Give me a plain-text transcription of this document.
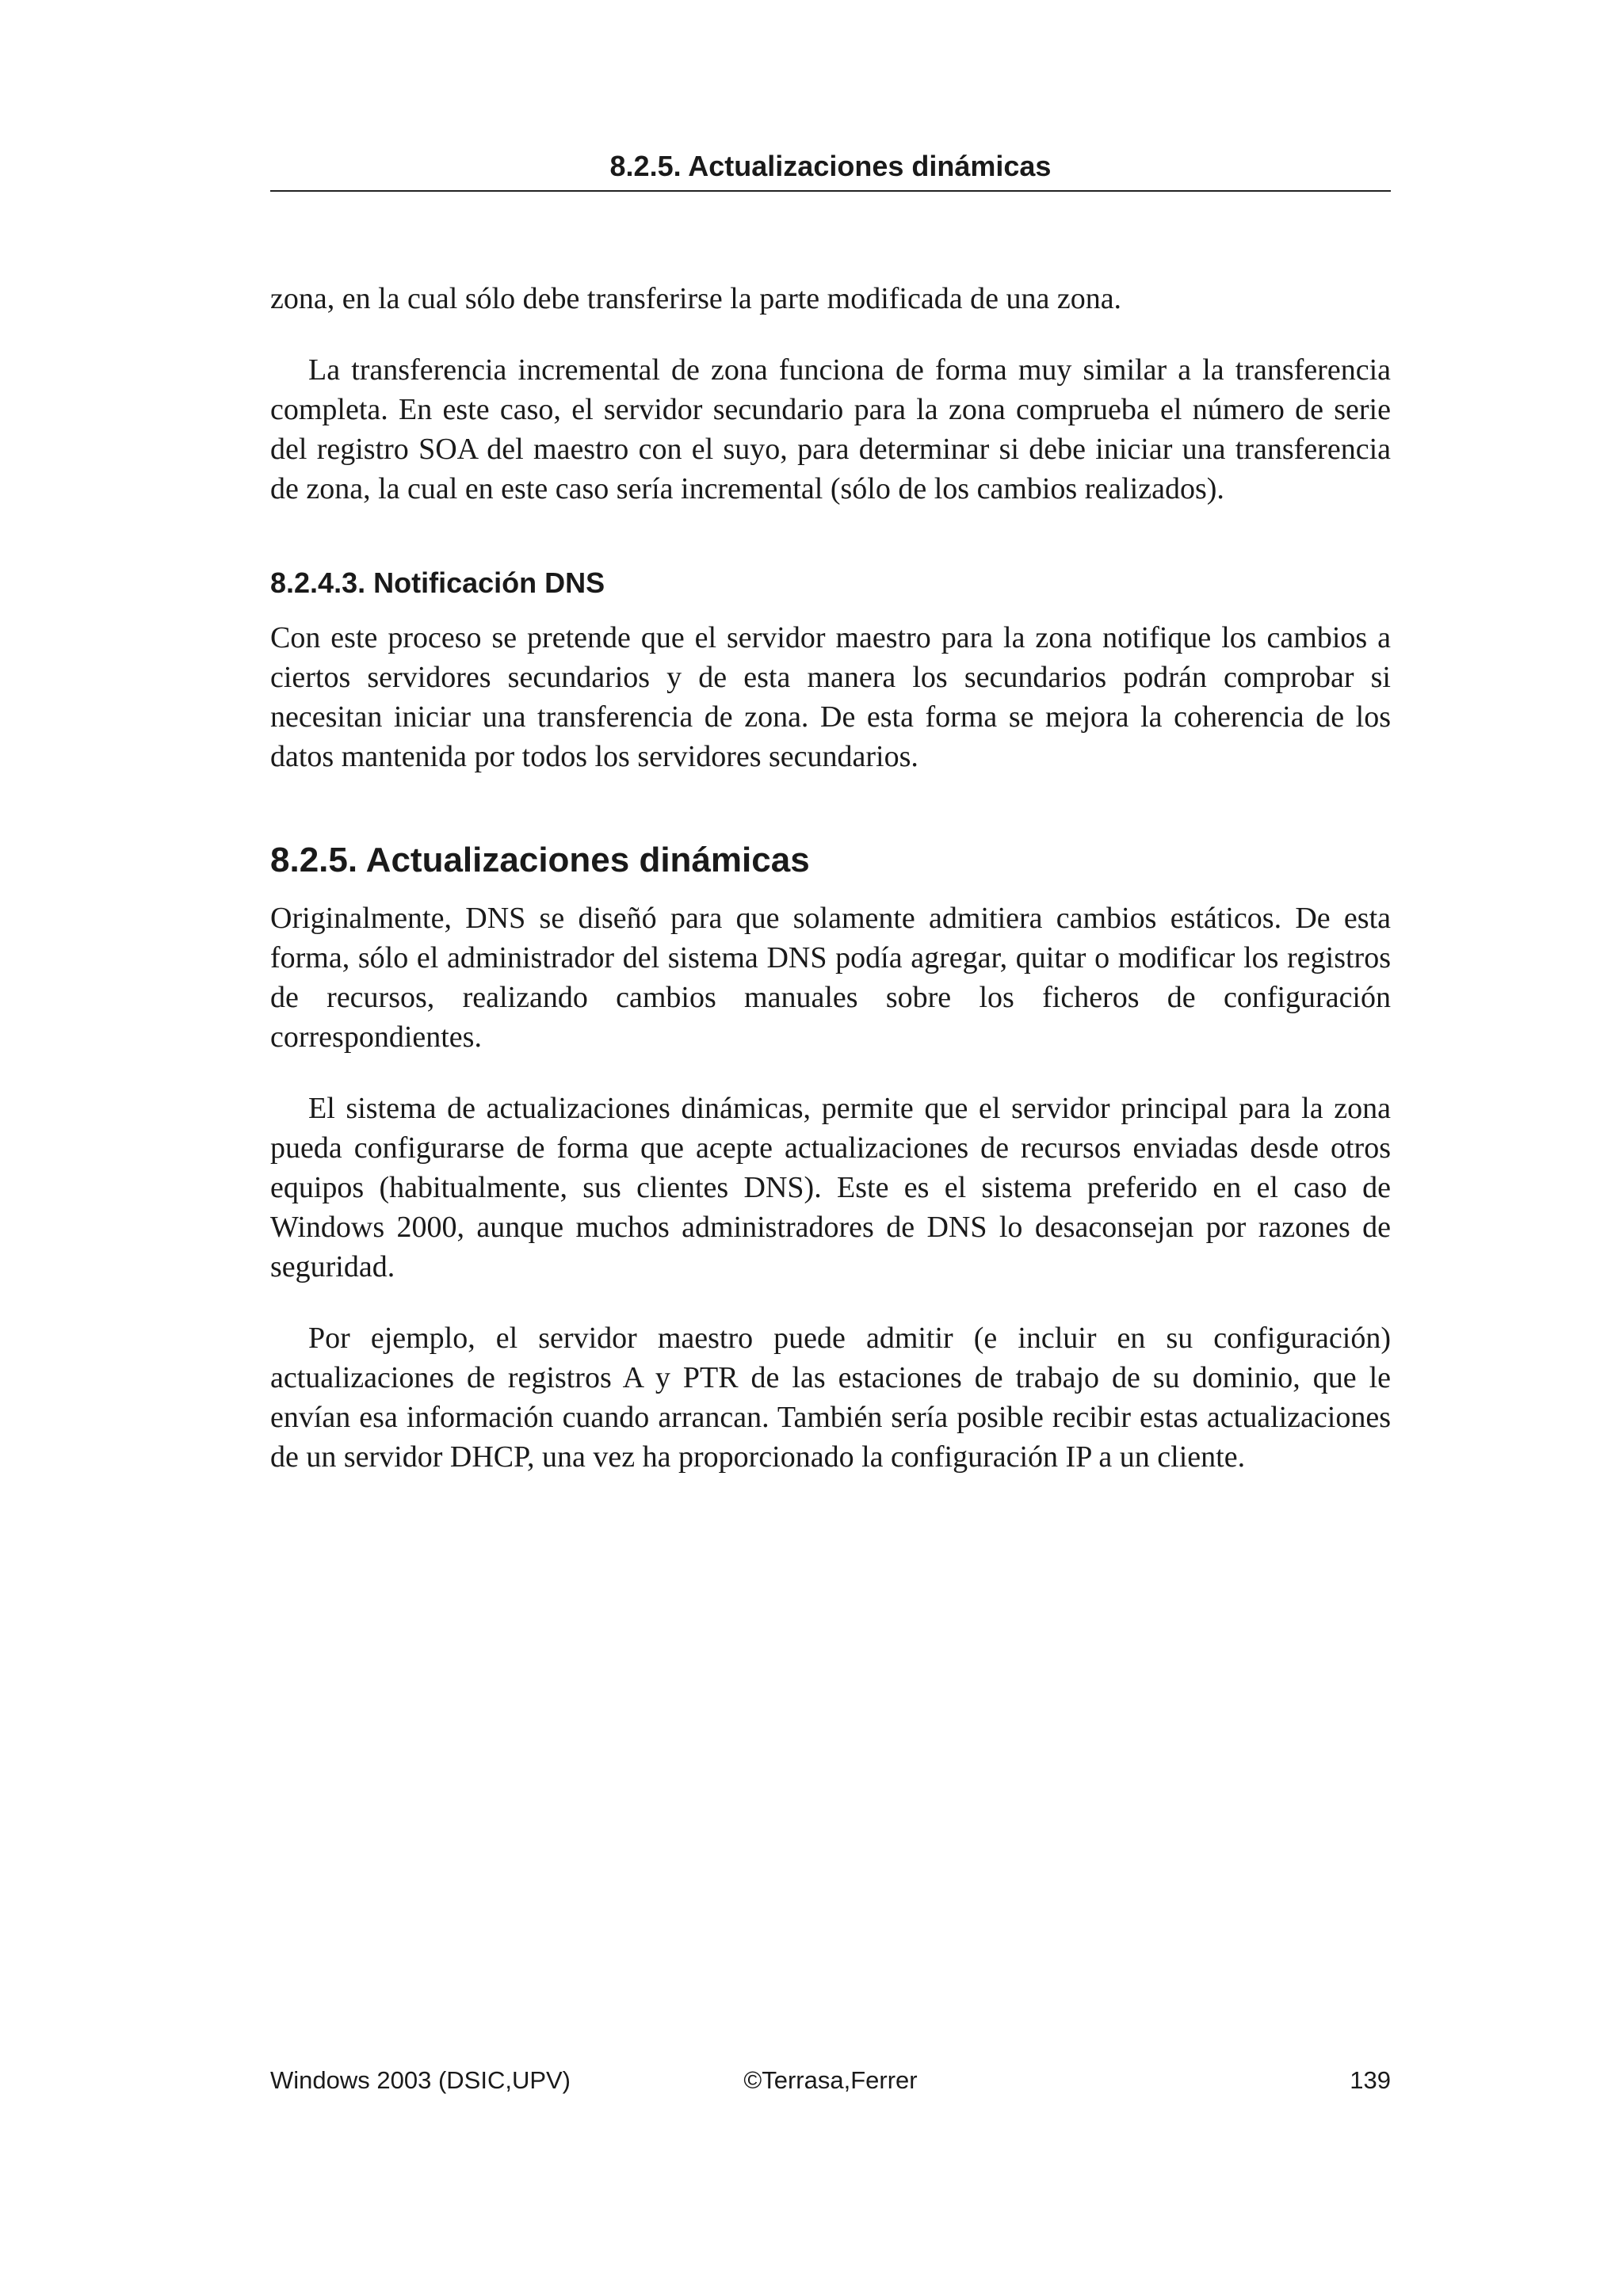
8.2.5. Actualizaciones dinámicas

zona, en la cual sólo debe transferirse la parte modificada de una zona.

La transferencia incremental de zona funciona de forma muy similar a la transferencia completa. En este caso, el servidor secundario para la zona comprueba el número de serie del registro SOA del maestro con el suyo, para determinar si debe iniciar una transferencia de zona, la cual en este caso sería incremental (sólo de los cambios realizados).

8.2.4.3. Notificación DNS

Con este proceso se pretende que el servidor maestro para la zona notifique los cambios a ciertos servidores secundarios y de esta manera los secundarios podrán comprobar si necesitan iniciar una transferencia de zona. De esta forma se mejora la coherencia de los datos mantenida por todos los servidores secundarios.

8.2.5. Actualizaciones dinámicas

Originalmente, DNS se diseñó para que solamente admitiera cambios estáticos. De esta forma, sólo el administrador del sistema DNS podía agregar, quitar o modificar los registros de recursos, realizando cambios manuales sobre los ficheros de configuración correspondientes.

El sistema de actualizaciones dinámicas, permite que el servidor principal para la zona pueda configurarse de forma que acepte actualizaciones de recursos enviadas desde otros equipos (habitualmente, sus clientes DNS). Este es el sistema preferido en el caso de Windows 2000, aunque muchos administradores de DNS lo desaconsejan por razones de seguridad.

Por ejemplo, el servidor maestro puede admitir (e incluir en su configuración) actualizaciones de registros A y PTR de las estaciones de trabajo de su dominio, que le envían esa información cuando arrancan. También sería posible recibir estas actualizaciones de un servidor DHCP, una vez ha proporcionado la configuración IP a un cliente.

Windows 2003 (DSIC,UPV)	©Terrasa,Ferrer	139
